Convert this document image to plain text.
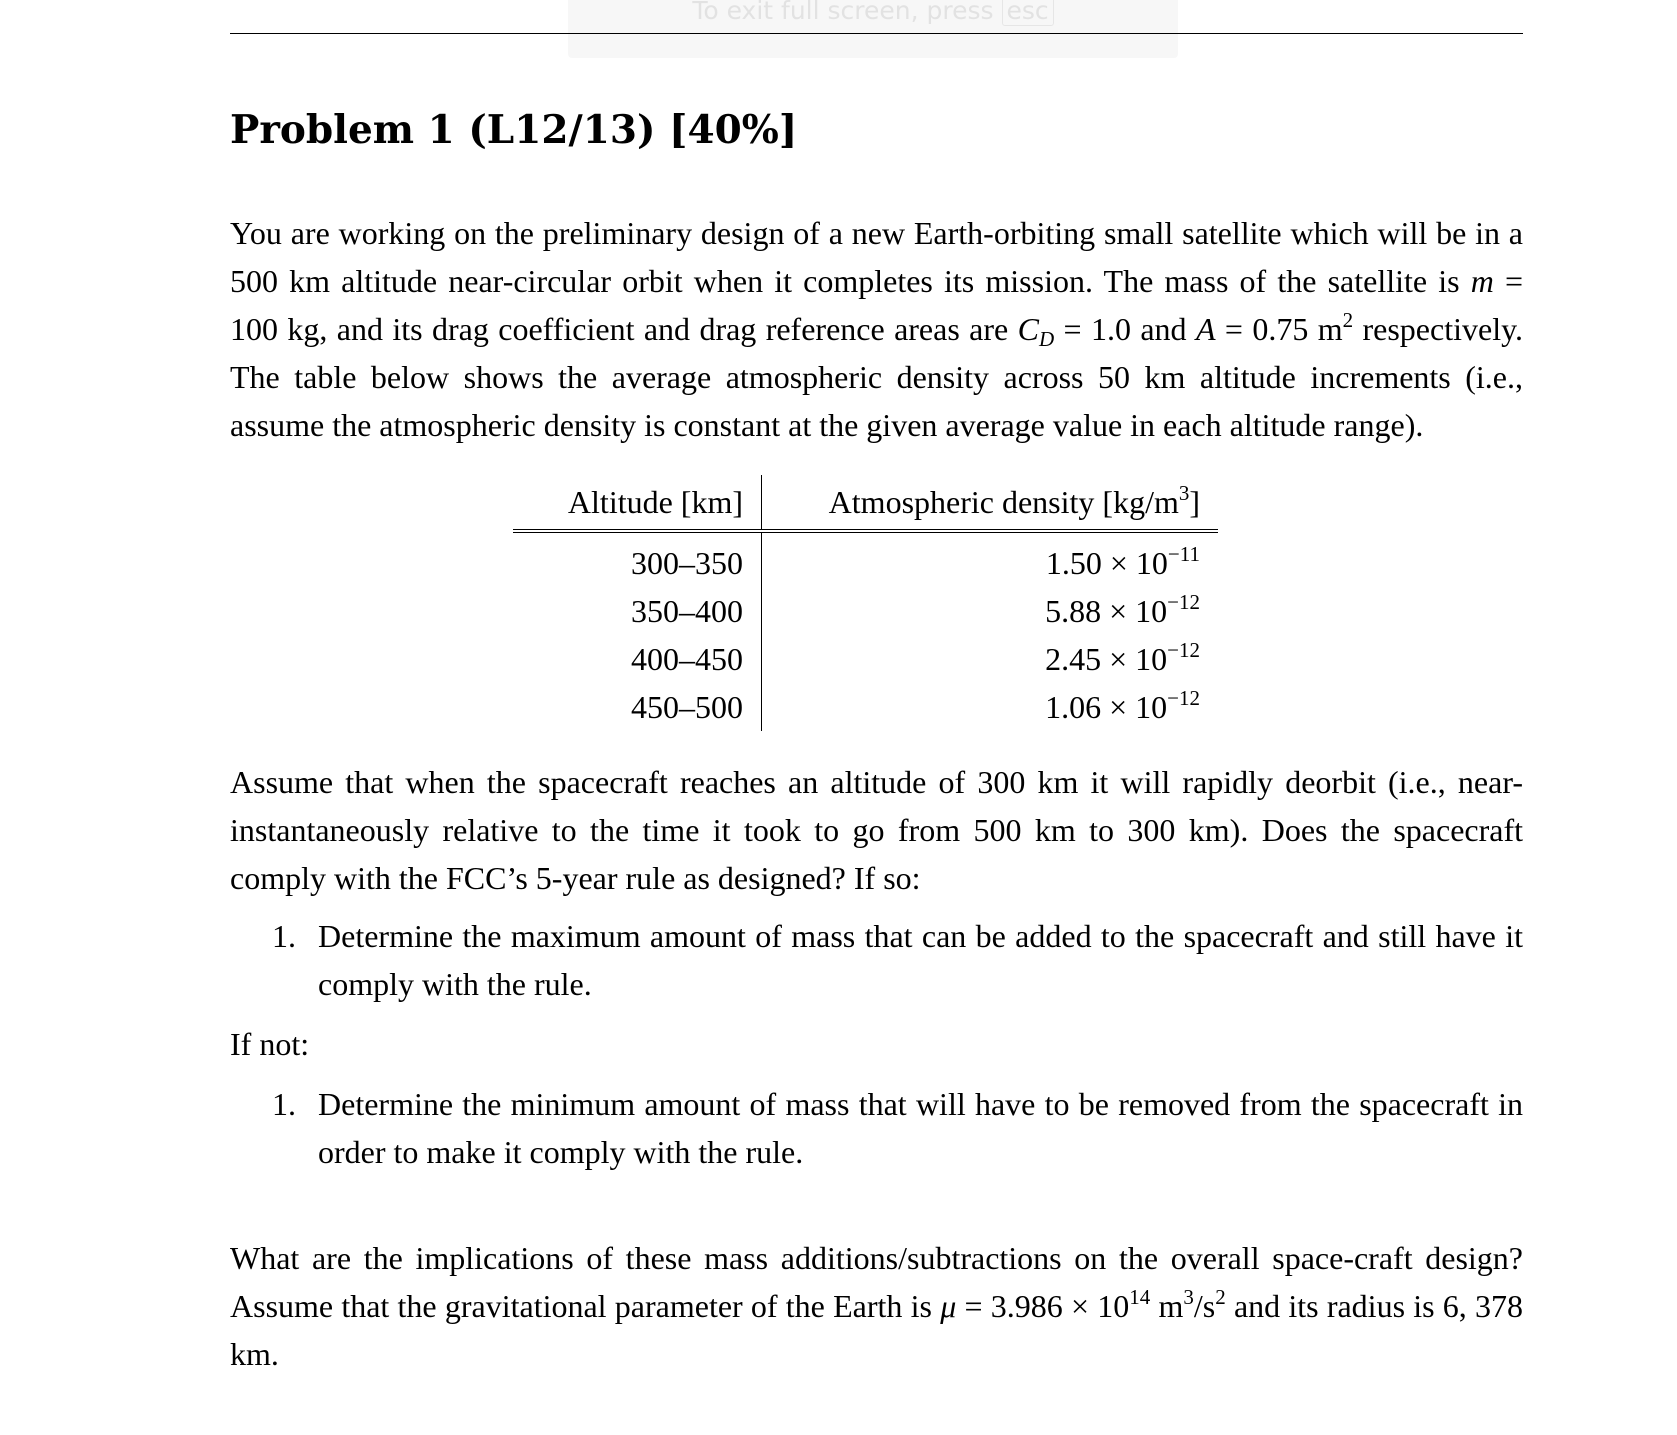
To exit full screen, press esc
Problem 1 (L12/13) [40%]

You are working on the preliminary design of a new Earth-orbiting small satellite which will be in a 500 km altitude near-circular orbit when it completes its mission. The mass of the satellite is m = 100 kg, and its drag coefficient and drag reference areas are $C_D = 1.0$ and A = 0.75 $m^2$ respectively. The table below shows the average atmospheric density across 50 km altitude increments (i.e., assume the atmospheric density is constant at the given average value in each altitude range).

Altitude [km]	Atmospheric density $[kg/m^3]$
300–350	$1.50 \times 10^{-11}$
350–400	$5.88 \times 10^{-12}$
400–450	$2.45 \times 10^{-12}$
450–500	$1.06 \times 10^{-12}$

Assume that when the spacecraft reaches an altitude of 300 km it will rapidly deorbit (i.e., near-instantaneously relative to the time it took to go from 500 km to 300 km). Does the spacecraft comply with the FCC’s 5-year rule as designed? If so:

1. Determine the maximum amount of mass that can be added to the spacecraft and still have it comply with the rule.

If not:

1. Determine the minimum amount of mass that will have to be removed from the spacecraft in order to make it comply with the rule.

What are the implications of these mass additions/subtractions on the overall space-craft design? Assume that the gravitational parameter of the Earth is $\mu = 3.986 \times 10^{14}$ $m^3/s^2$ and its radius is 6, 378 km.
